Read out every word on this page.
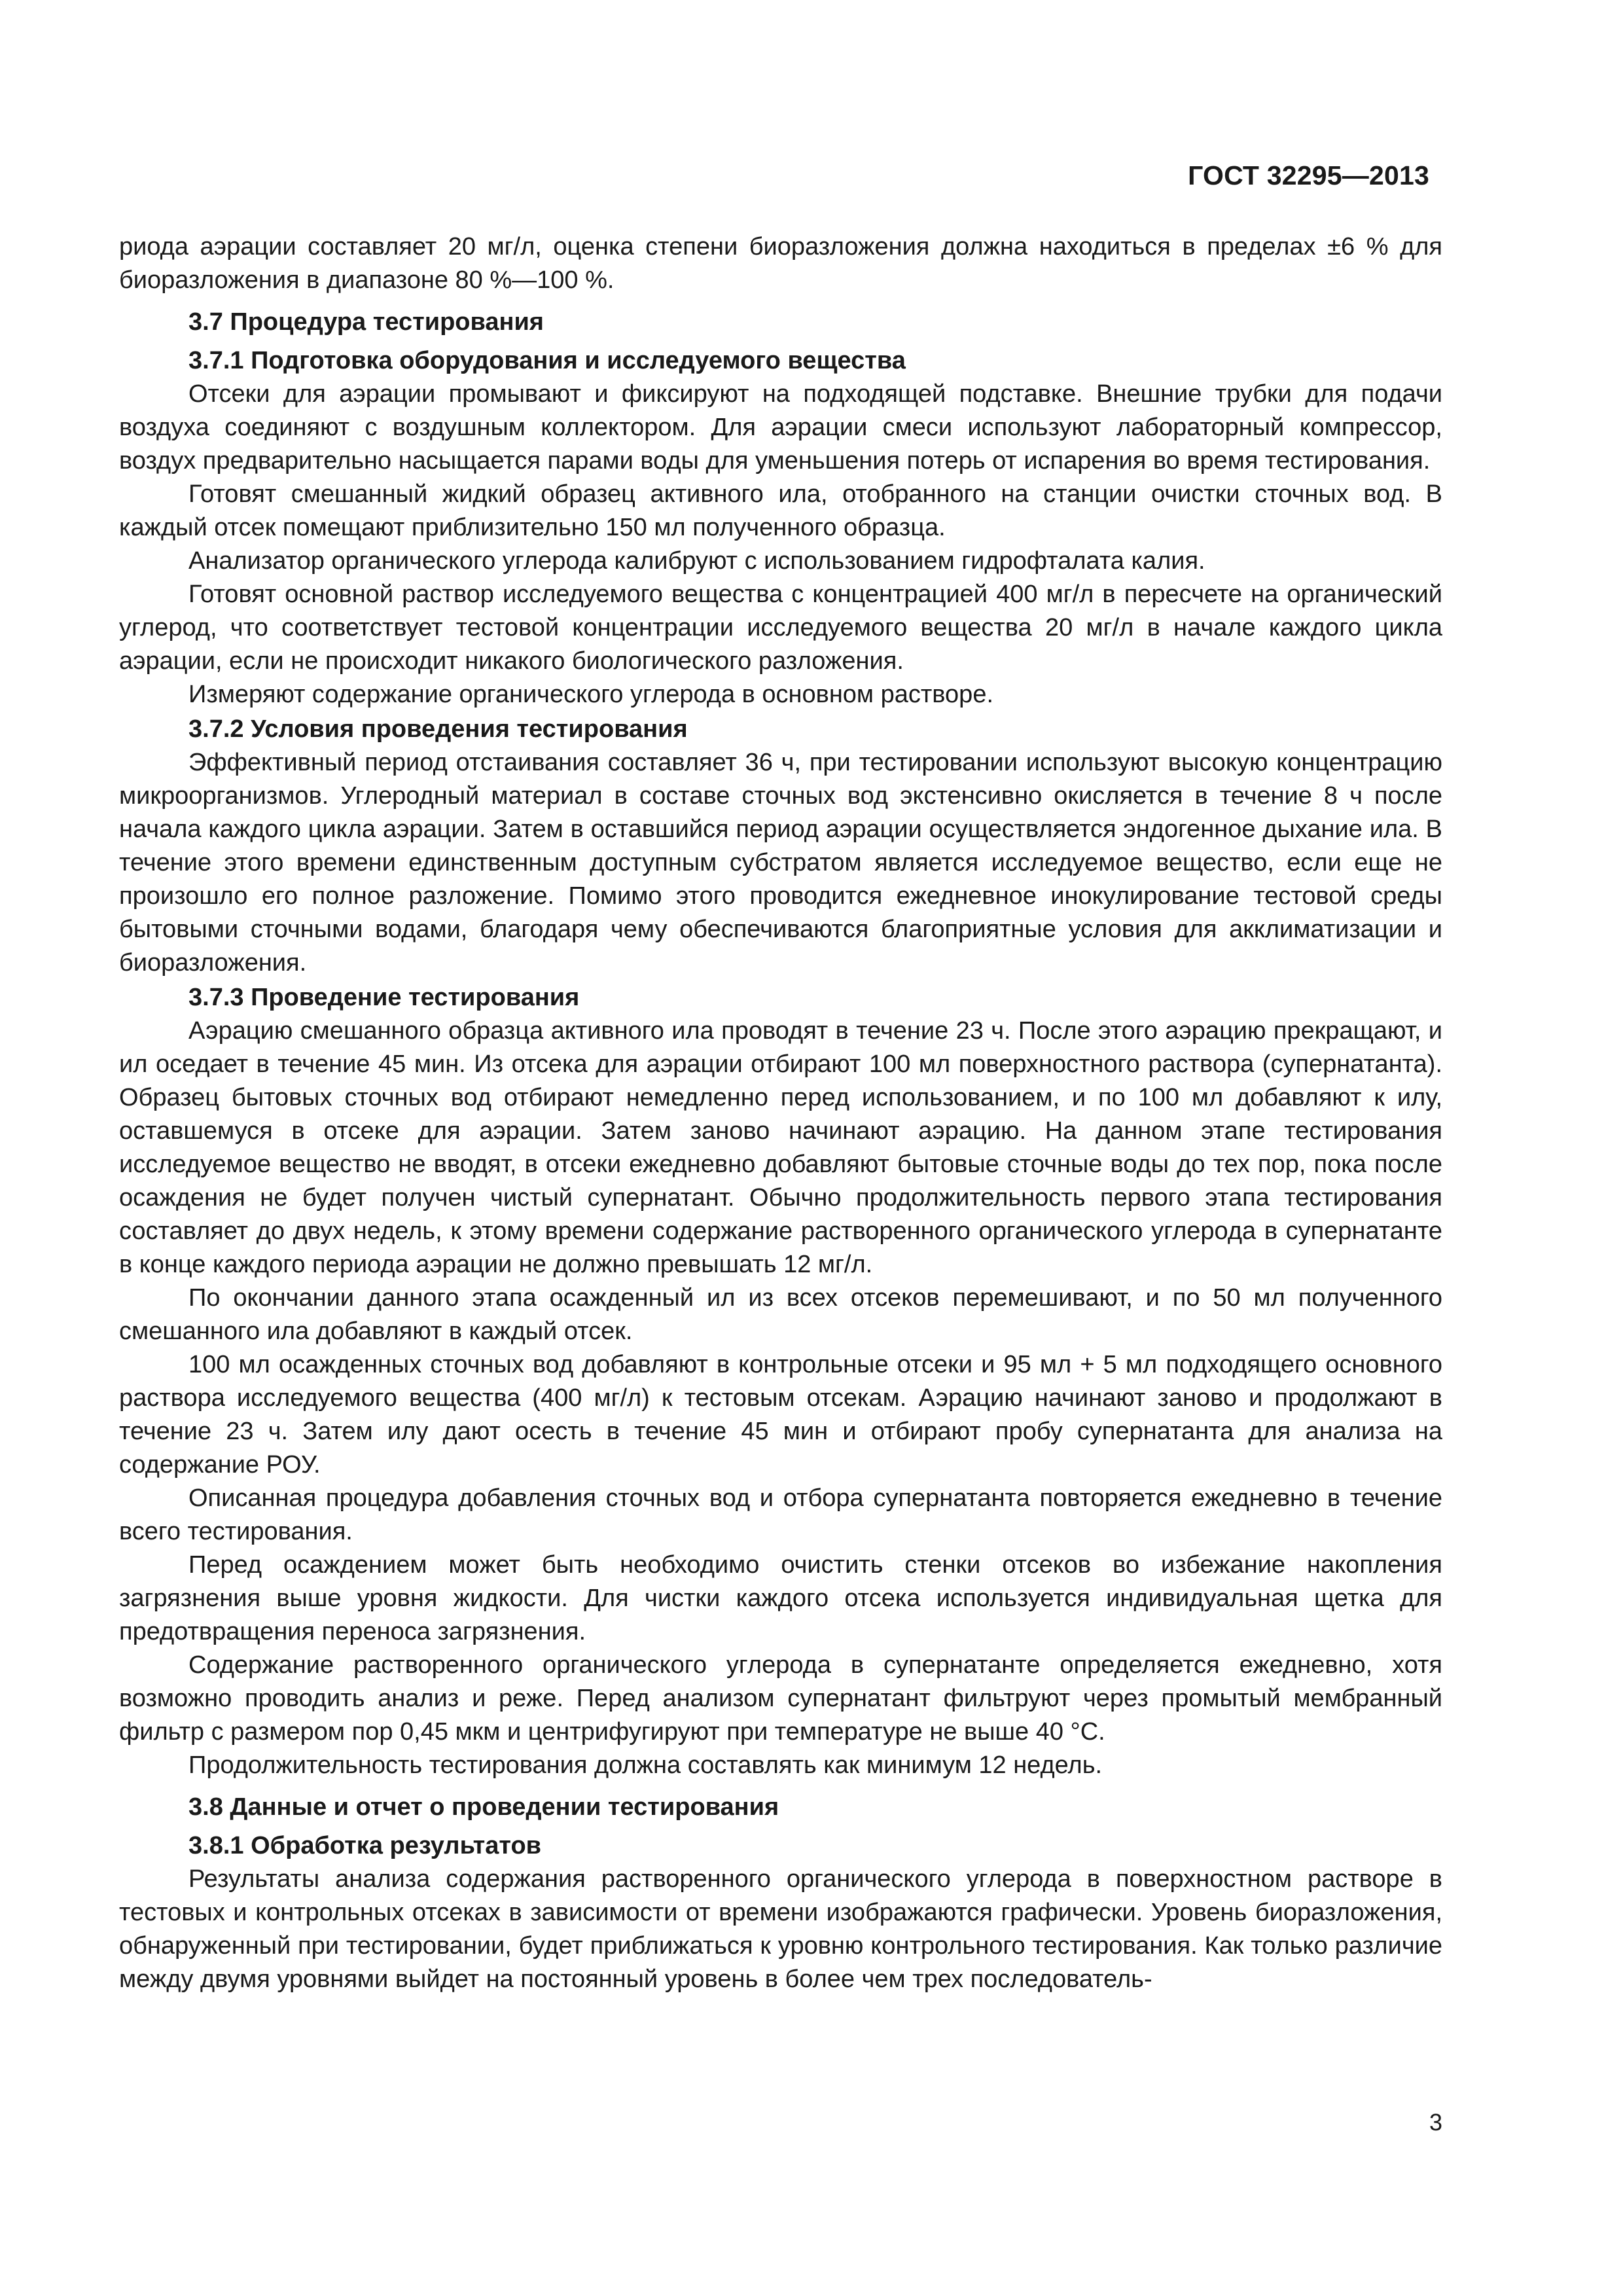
ГОСТ 32295—2013

риода аэрации составляет 20 мг/л, оценка степени биоразложения должна находиться в пределах ±6 % для биоразложения в диапазоне 80 %—100 %.

3.7 Процедура тестирования
3.7.1 Подготовка оборудования и исследуемого вещества

Отсеки для аэрации промывают и фиксируют на подходящей подставке. Внешние трубки для подачи воздуха соединяют с воздушным коллектором. Для аэрации смеси используют лабораторный компрессор, воздух предварительно насыщается парами воды для уменьшения потерь от испарения во время тестирования.

Готовят смешанный жидкий образец активного ила, отобранного на станции очистки сточных вод. В каждый отсек помещают приблизительно 150 мл полученного образца.

Анализатор органического углерода калибруют с использованием гидрофталата калия.

Готовят основной раствор исследуемого вещества с концентрацией 400 мг/л в пересчете на органический углерод, что соответствует тестовой концентрации исследуемого вещества 20 мг/л в начале каждого цикла аэрации, если не происходит никакого биологического разложения.

Измеряют содержание органического углерода в основном растворе.

3.7.2 Условия проведения тестирования

Эффективный период отстаивания составляет 36 ч, при тестировании используют высокую концентрацию микроорганизмов. Углеродный материал в составе сточных вод экстенсивно окисляется в течение 8 ч после начала каждого цикла аэрации. Затем в оставшийся период аэрации осуществляется эндогенное дыхание ила. В течение этого времени единственным доступным субстратом является исследуемое вещество, если еще не произошло его полное разложение. Помимо этого проводится ежедневное инокулирование тестовой среды бытовыми сточными водами, благодаря чему обеспечиваются благоприятные условия для акклиматизации и биоразложения.

3.7.3 Проведение тестирования

Аэрацию смешанного образца активного ила проводят в течение 23 ч. После этого аэрацию прекращают, и ил оседает в течение 45 мин. Из отсека для аэрации отбирают 100 мл поверхностного раствора (супернатанта). Образец бытовых сточных вод отбирают немедленно перед использованием, и по 100 мл добавляют к илу, оставшемуся в отсеке для аэрации. Затем заново начинают аэрацию. На данном этапе тестирования исследуемое вещество не вводят, в отсеки ежедневно добавляют бытовые сточные воды до тех пор, пока после осаждения не будет получен чистый супернатант. Обычно продолжительность первого этапа тестирования составляет до двух недель, к этому времени содержание растворенного органического углерода в супернатанте в конце каждого периода аэрации не должно превышать 12 мг/л.

По окончании данного этапа осажденный ил из всех отсеков перемешивают, и по 50 мл полученного смешанного ила добавляют в каждый отсек.

100 мл осажденных сточных вод добавляют в контрольные отсеки и 95 мл + 5 мл подходящего основного раствора исследуемого вещества (400 мг/л) к тестовым отсекам. Аэрацию начинают заново и продолжают в течение 23 ч. Затем илу дают осесть в течение 45 мин и отбирают пробу супернатанта для анализа на содержание РОУ.

Описанная процедура добавления сточных вод и отбора супернатанта повторяется ежедневно в течение всего тестирования.

Перед осаждением может быть необходимо очистить стенки отсеков во избежание накопления загрязнения выше уровня жидкости. Для чистки каждого отсека используется индивидуальная щетка для предотвращения переноса загрязнения.

Содержание растворенного органического углерода в супернатанте определяется ежедневно, хотя возможно проводить анализ и реже. Перед анализом супернатант фильтруют через промытый мембранный фильтр с размером пор 0,45 мкм и центрифугируют при температуре не выше 40 °C.

Продолжительность тестирования должна составлять как минимум 12 недель.

3.8 Данные и отчет о проведении тестирования
3.8.1 Обработка результатов

Результаты анализа содержания растворенного органического углерода в поверхностном растворе в тестовых и контрольных отсеках в зависимости от времени изображаются графически. Уровень биоразложения, обнаруженный при тестировании, будет приближаться к уровню контрольного тестирования. Как только различие между двумя уровнями выйдет на постоянный уровень в более чем трех последователь-

3
